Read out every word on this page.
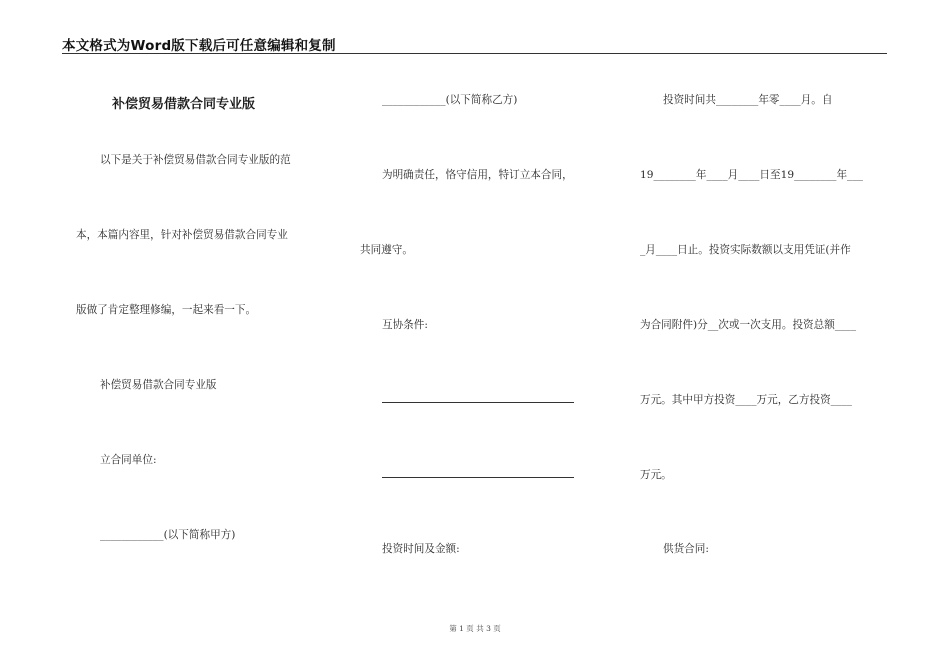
本文格式为Word版下载后可任意编辑和复制
补偿贸易借款合同专业版
以下是关于补偿贸易借款合同专业版的范
本，本篇内容里，针对补偿贸易借款合同专业
版做了肯定整理修编，一起来看一下。
补偿贸易借款合同专业版
立合同单位:
____________(以下简称甲方)
____________(以下简称乙方)
为明确责任，恪守信用，特订立本合同，
共同遵守。
互协条件:
投资时间及金额:
投资时间共________年零____月。自
19________年____月____日至19________年___
_月____日止。投资实际数额以支用凭证(并作
为合同附件)分__次或一次支用。投资总额____
万元。其中甲方投资____万元，乙方投资____
万元。
供货合同:
第 1 页 共 3 页
